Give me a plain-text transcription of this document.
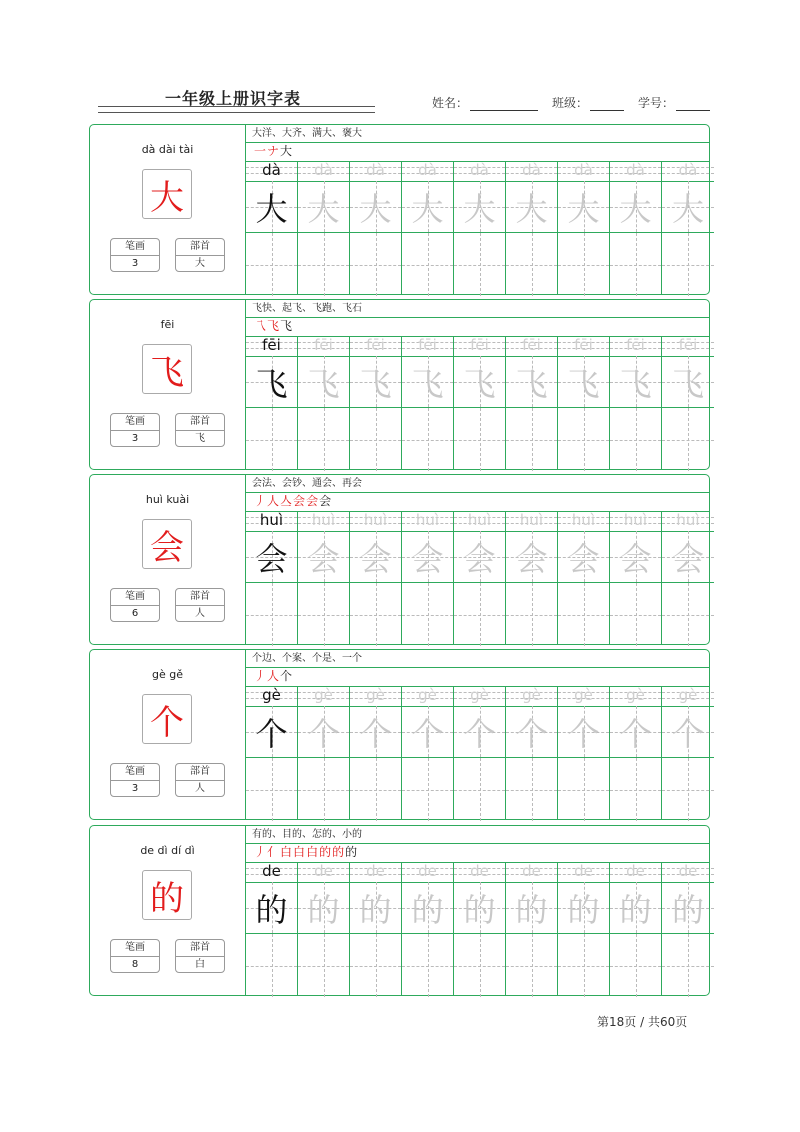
一年级上册识字表	姓名：	班级：	学号：
dà dài tài
大
笔画
3
部首
大
大洋、大齐、满大、褒大
一ナ大
dà
大
dà
大
dà
大
dà
大
dà
大
dà
大
dà
大
dà
大
dà
大
fēi
飞
笔画
3
部首
飞
飞快、起飞、飞跑、飞石
乁飞飞
fēi
飞
fēi
飞
fēi
飞
fēi
飞
fēi
飞
fēi
飞
fēi
飞
fēi
飞
fēi
飞
huì kuài
会
笔画
6
部首
人
会法、会钞、通会、再会
丿人亼会会会
huì
会
huì
会
huì
会
huì
会
huì
会
huì
会
huì
会
huì
会
huì
会
gè gě
个
笔画
3
部首
人
个边、个案、个是、一个
丿人个
gè
个
gè
个
gè
个
gè
个
gè
个
gè
个
gè
个
gè
个
gè
个
de dì dí dì
的
笔画
8
部首
白
有的、目的、怎的、小的
丿亻白白白的的的
de
的
de
的
de
的
de
的
de
的
de
的
de
的
de
的
de
的
第18页 / 共60页
